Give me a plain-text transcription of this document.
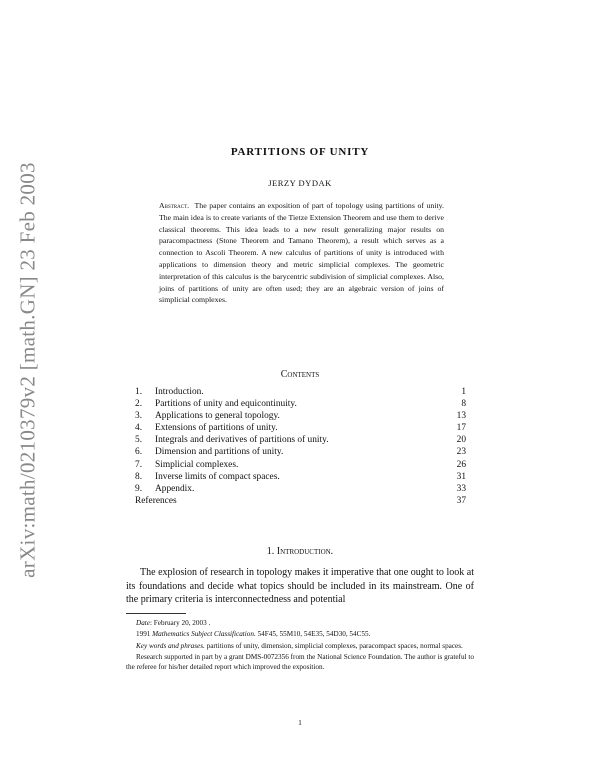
arXiv:math/0210379v2 [math.GN] 23 Feb 2003
PARTITIONS OF UNITY
JERZY DYDAK
Abstract. The paper contains an exposition of part of topology using partitions of unity. The main idea is to create variants of the Tietze Extension Theorem and use them to derive classical theorems. This idea leads to a new result generalizing major results on paracompactness (Stone Theorem and Tamano Theorem), a result which serves as a connection to Ascoli Theorem. A new calculus of partitions of unity is introduced with applications to dimension theory and metric simplicial complexes. The geometric interpretation of this calculus is the barycentric subdivision of simplicial complexes. Also, joins of partitions of unity are often used; they are an algebraic version of joins of simplicial complexes.
Contents
1.	Introduction.	1
2.	Partitions of unity and equicontinuity.	8
3.	Applications to general topology.	13
4.	Extensions of partitions of unity.	17
5.	Integrals and derivatives of partitions of unity.	20
6.	Dimension and partitions of unity.	23
7.	Simplicial complexes.	26
8.	Inverse limits of compact spaces.	31
9.	Appendix.	33
References	37
1. Introduction.

The explosion of research in topology makes it imperative that one ought to look at its foundations and decide what topics should be included in its mainstream. One of the primary criteria is interconnectedness and potential

Date: February 20, 2003 .

1991 Mathematics Subject Classification. 54F45, 55M10, 54E35, 54D30, 54C55.

Key words and phrases. partitions of unity, dimension, simplicial complexes, paracompact spaces, normal spaces.

Research supported in part by a grant DMS-0072356 from the National Science Foundation. The author is grateful to the referee for his/her detailed report which improved the exposition.

1
